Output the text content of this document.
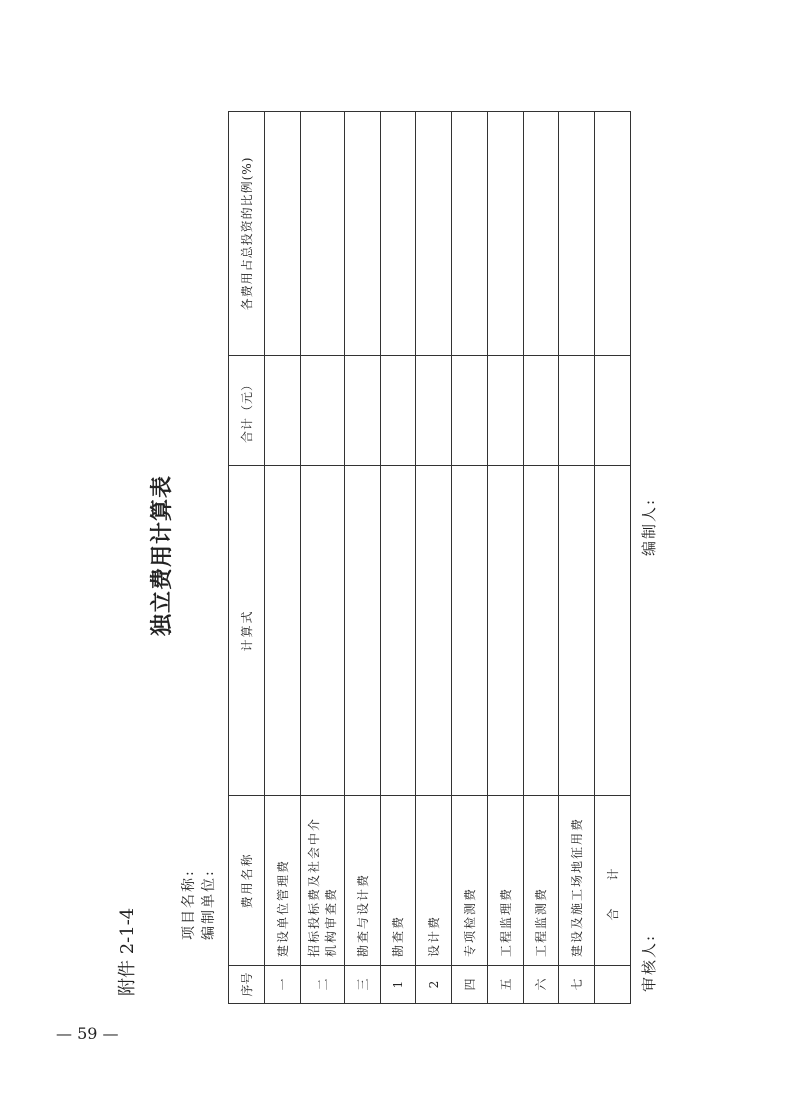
附件 2-1-4
独立费用计算表
项目名称: 编制单位:
序号	费用名称	计算式	合计（元）	各费用占总投资的比例(%)
一	建设单位管理费			
二	招标投标费及社会中介机构审查费			
三	勘查与设计费			
1	勘查费			
2	设计费			
四	专项检测费			
五	工程监理费			
六	工程监测费			
七	建设及施工场地征用费			
	合计			
审核人:
编制人:
— 59 —
